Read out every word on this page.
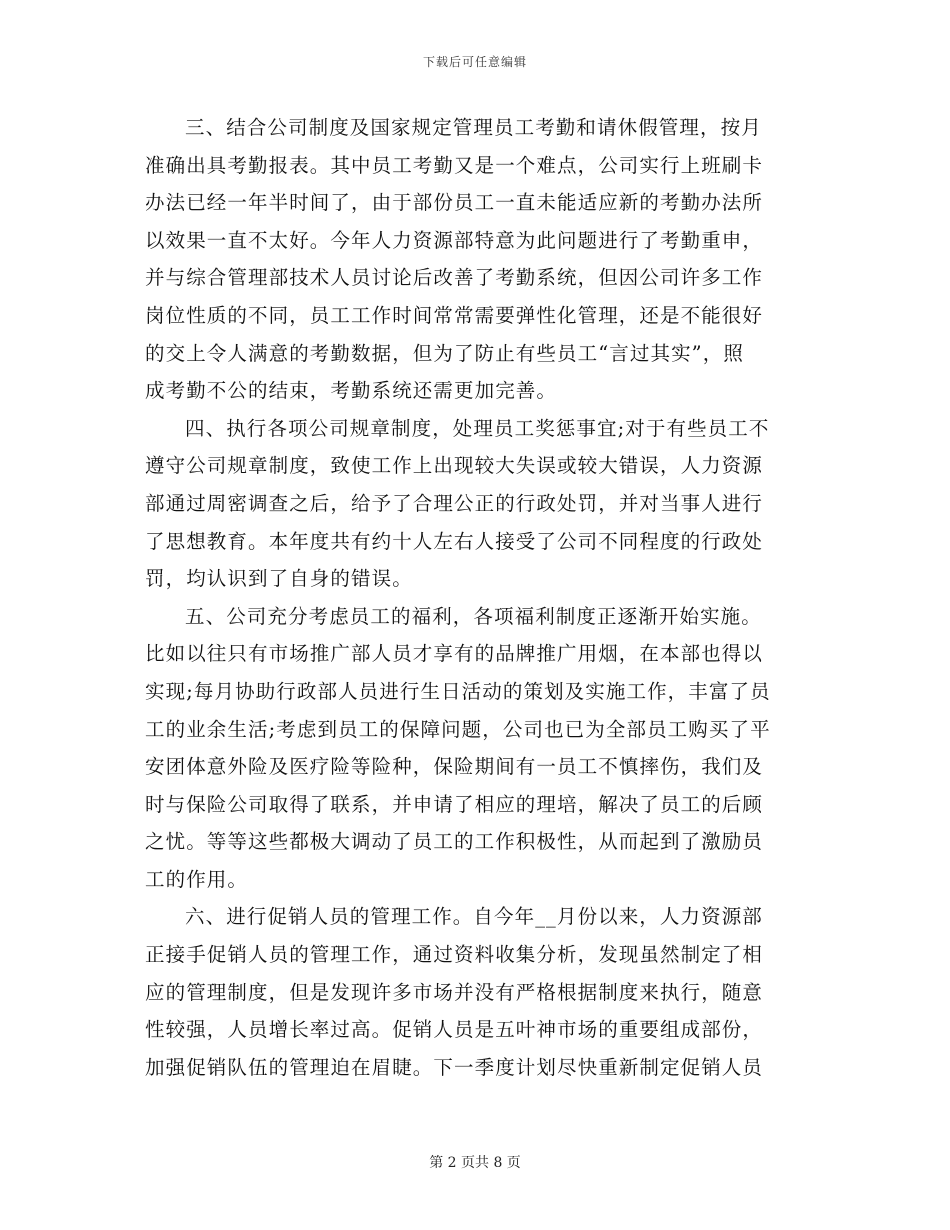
下载后可任意编辑
三、结合公司制度及国家规定管理员工考勤和请休假管理，按月
准确出具考勤报表。其中员工考勤又是一个难点，公司实行上班刷卡
办法已经一年半时间了，由于部份员工一直未能适应新的考勤办法所
以效果一直不太好。今年人力资源部特意为此问题进行了考勤重申，
并与综合管理部技术人员讨论后改善了考勤系统，但因公司许多工作
岗位性质的不同，员工工作时间常常需要弹性化管理，还是不能很好
的交上令人满意的考勤数据，但为了防止有些员工“言过其实”，照
成考勤不公的结束，考勤系统还需更加完善。
四、执行各项公司规章制度，处理员工奖惩事宜;对于有些员工不
遵守公司规章制度，致使工作上出现较大失误或较大错误，人力资源
部通过周密调查之后，给予了合理公正的行政处罚，并对当事人进行
了思想教育。本年度共有约十人左右人接受了公司不同程度的行政处
罚，均认识到了自身的错误。
五、公司充分考虑员工的福利，各项福利制度正逐渐开始实施。
比如以往只有市场推广部人员才享有的品牌推广用烟，在本部也得以
实现;每月协助行政部人员进行生日活动的策划及实施工作，丰富了员
工的业余生活;考虑到员工的保障问题，公司也已为全部员工购买了平
安团体意外险及医疗险等险种，保险期间有一员工不慎摔伤，我们及
时与保险公司取得了联系，并申请了相应的理培，解决了员工的后顾
之忧。等等这些都极大调动了员工的工作积极性，从而起到了激励员
工的作用。
六、进行促销人员的管理工作。自今年__月份以来，人力资源部
正接手促销人员的管理工作，通过资料收集分析，发现虽然制定了相
应的管理制度，但是发现许多市场并没有严格根据制度来执行，随意
性较强，人员增长率过高。促销人员是五叶神市场的重要组成部份，
加强促销队伍的管理迫在眉睫。下一季度计划尽快重新制定促销人员
第 2 页共 8 页
